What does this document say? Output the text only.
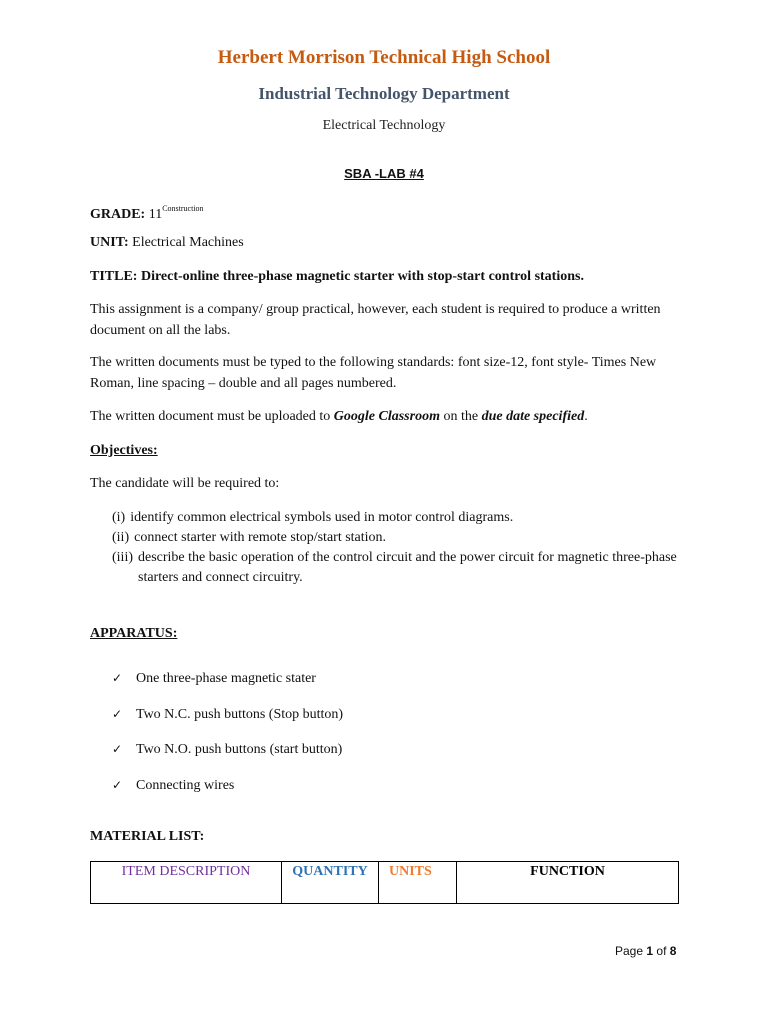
Herbert Morrison Technical High School
Industrial Technology Department
Electrical Technology
SBA -LAB #4
GRADE: $11^{Construction}$
UNIT: Electrical Machines
TITLE: Direct-online three-phase magnetic starter with stop-start control stations.
This assignment is a company/ group practical, however, each student is required to produce a written document on all the labs.
The written documents must be typed to the following standards: font size-12, font style- Times New Roman, line spacing – double and all pages numbered.
The written document must be uploaded to Google Classroom on the due date specified.
Objectives:
The candidate will be required to:
(i) identify common electrical symbols used in motor control diagrams.
(ii) connect starter with remote stop/start station.
(iii) describe the basic operation of the control circuit and the power circuit for magnetic three-phase starters and connect circuitry.
APPARATUS:
✓ One three-phase magnetic stater
✓ Two N.C. push buttons (Stop button)
✓ Two N.O. push buttons (start button)
✓ Connecting wires
MATERIAL LIST:
ITEM DESCRIPTION	QUANTITY	UNITS	FUNCTION
Page 1 of 8
